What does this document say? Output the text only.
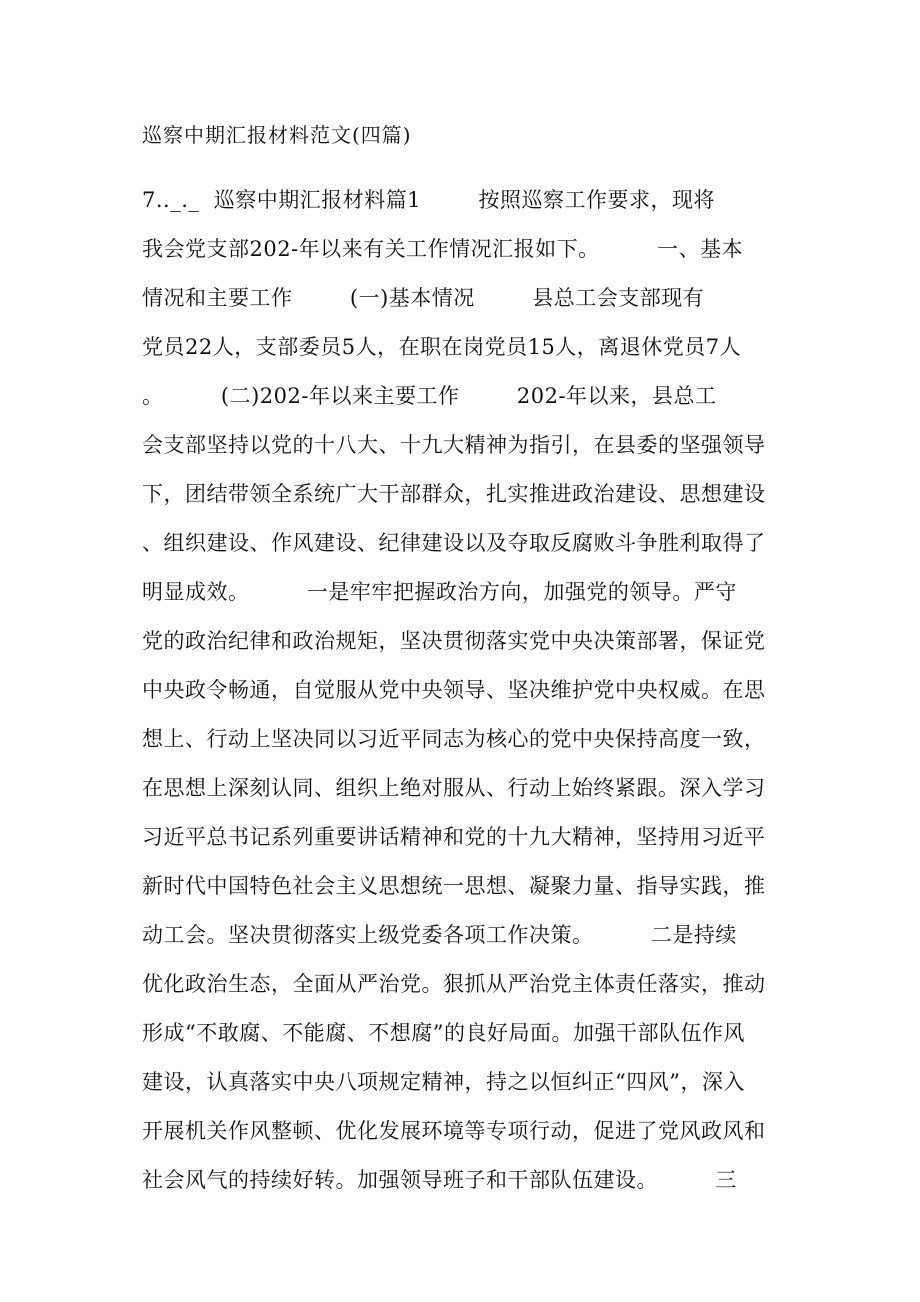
巡察中期汇报材料范文(四篇)
7.._._  巡察中期汇报材料篇1        按照巡察工作要求，现将
我会党支部202-年以来有关工作情况汇报如下。        一、基本
情况和主要工作        (一)基本情况        县总工会支部现有
党员22人，支部委员5人，在职在岗党员15人，离退休党员7人
。        (二)202-年以来主要工作        202-年以来，县总工
会支部坚持以党的十八大、十九大精神为指引，在县委的坚强领导
下，团结带领全系统广大干部群众，扎实推进政治建设、思想建设
、组织建设、作风建设、纪律建设以及夺取反腐败斗争胜利取得了
明显成效。        一是牢牢把握政治方向，加强党的领导。严守
党的政治纪律和政治规矩，坚决贯彻落实党中央决策部署，保证党
中央政令畅通，自觉服从党中央领导、坚决维护党中央权威。在思
想上、行动上坚决同以习近平同志为核心的党中央保持高度一致，
在思想上深刻认同、组织上绝对服从、行动上始终紧跟。深入学习
习近平总书记系列重要讲话精神和党的十九大精神，坚持用习近平
新时代中国特色社会主义思想统一思想、凝聚力量、指导实践，推
动工会。坚决贯彻落实上级党委各项工作决策。        二是持续
优化政治生态，全面从严治党。狠抓从严治党主体责任落实，推动
形成“不敢腐、不能腐、不想腐”的良好局面。加强干部队伍作风
建设，认真落实中央八项规定精神，持之以恒纠正“四风”，深入
开展机关作风整顿、优化发展环境等专项行动，促进了党风政风和
社会风气的持续好转。加强领导班子和干部队伍建设。        三
